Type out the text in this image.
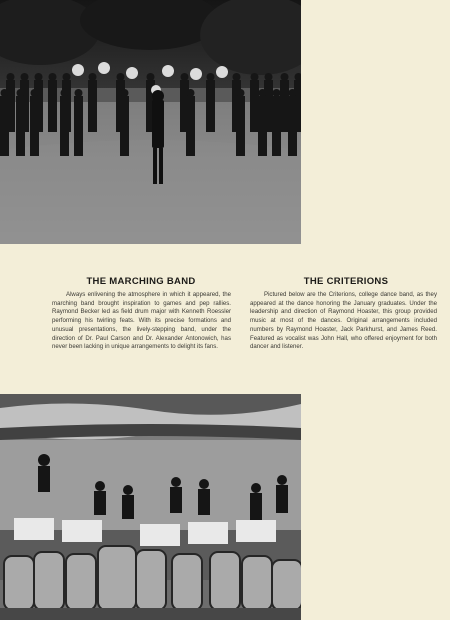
THE MARCHING BAND

Always enlivening the atmosphere in which it appeared, the marching band brought inspiration to games and pep rallies. Raymond Becker led as field drum major with Kenneth Roessler performing his twirling feats. With its precise formations and unusual presentations, the lively-stepping band, under the direction of Dr. Paul Carson and Dr. Alexander Antonowich, has never been lacking in unique arrangements to delight its fans.

THE CRITERIONS

Pictured below are the Criterions, college dance band, as they appeared at the dance honoring the January graduates. Under the leadership and direction of Raymond Hoaster, this group provided music at most of the dances. Original arrangements included numbers by Raymond Hoaster, Jack Parkhurst, and James Reed. Featured as vocalist was John Hall, who offered enjoyment for both dancer and listener.
